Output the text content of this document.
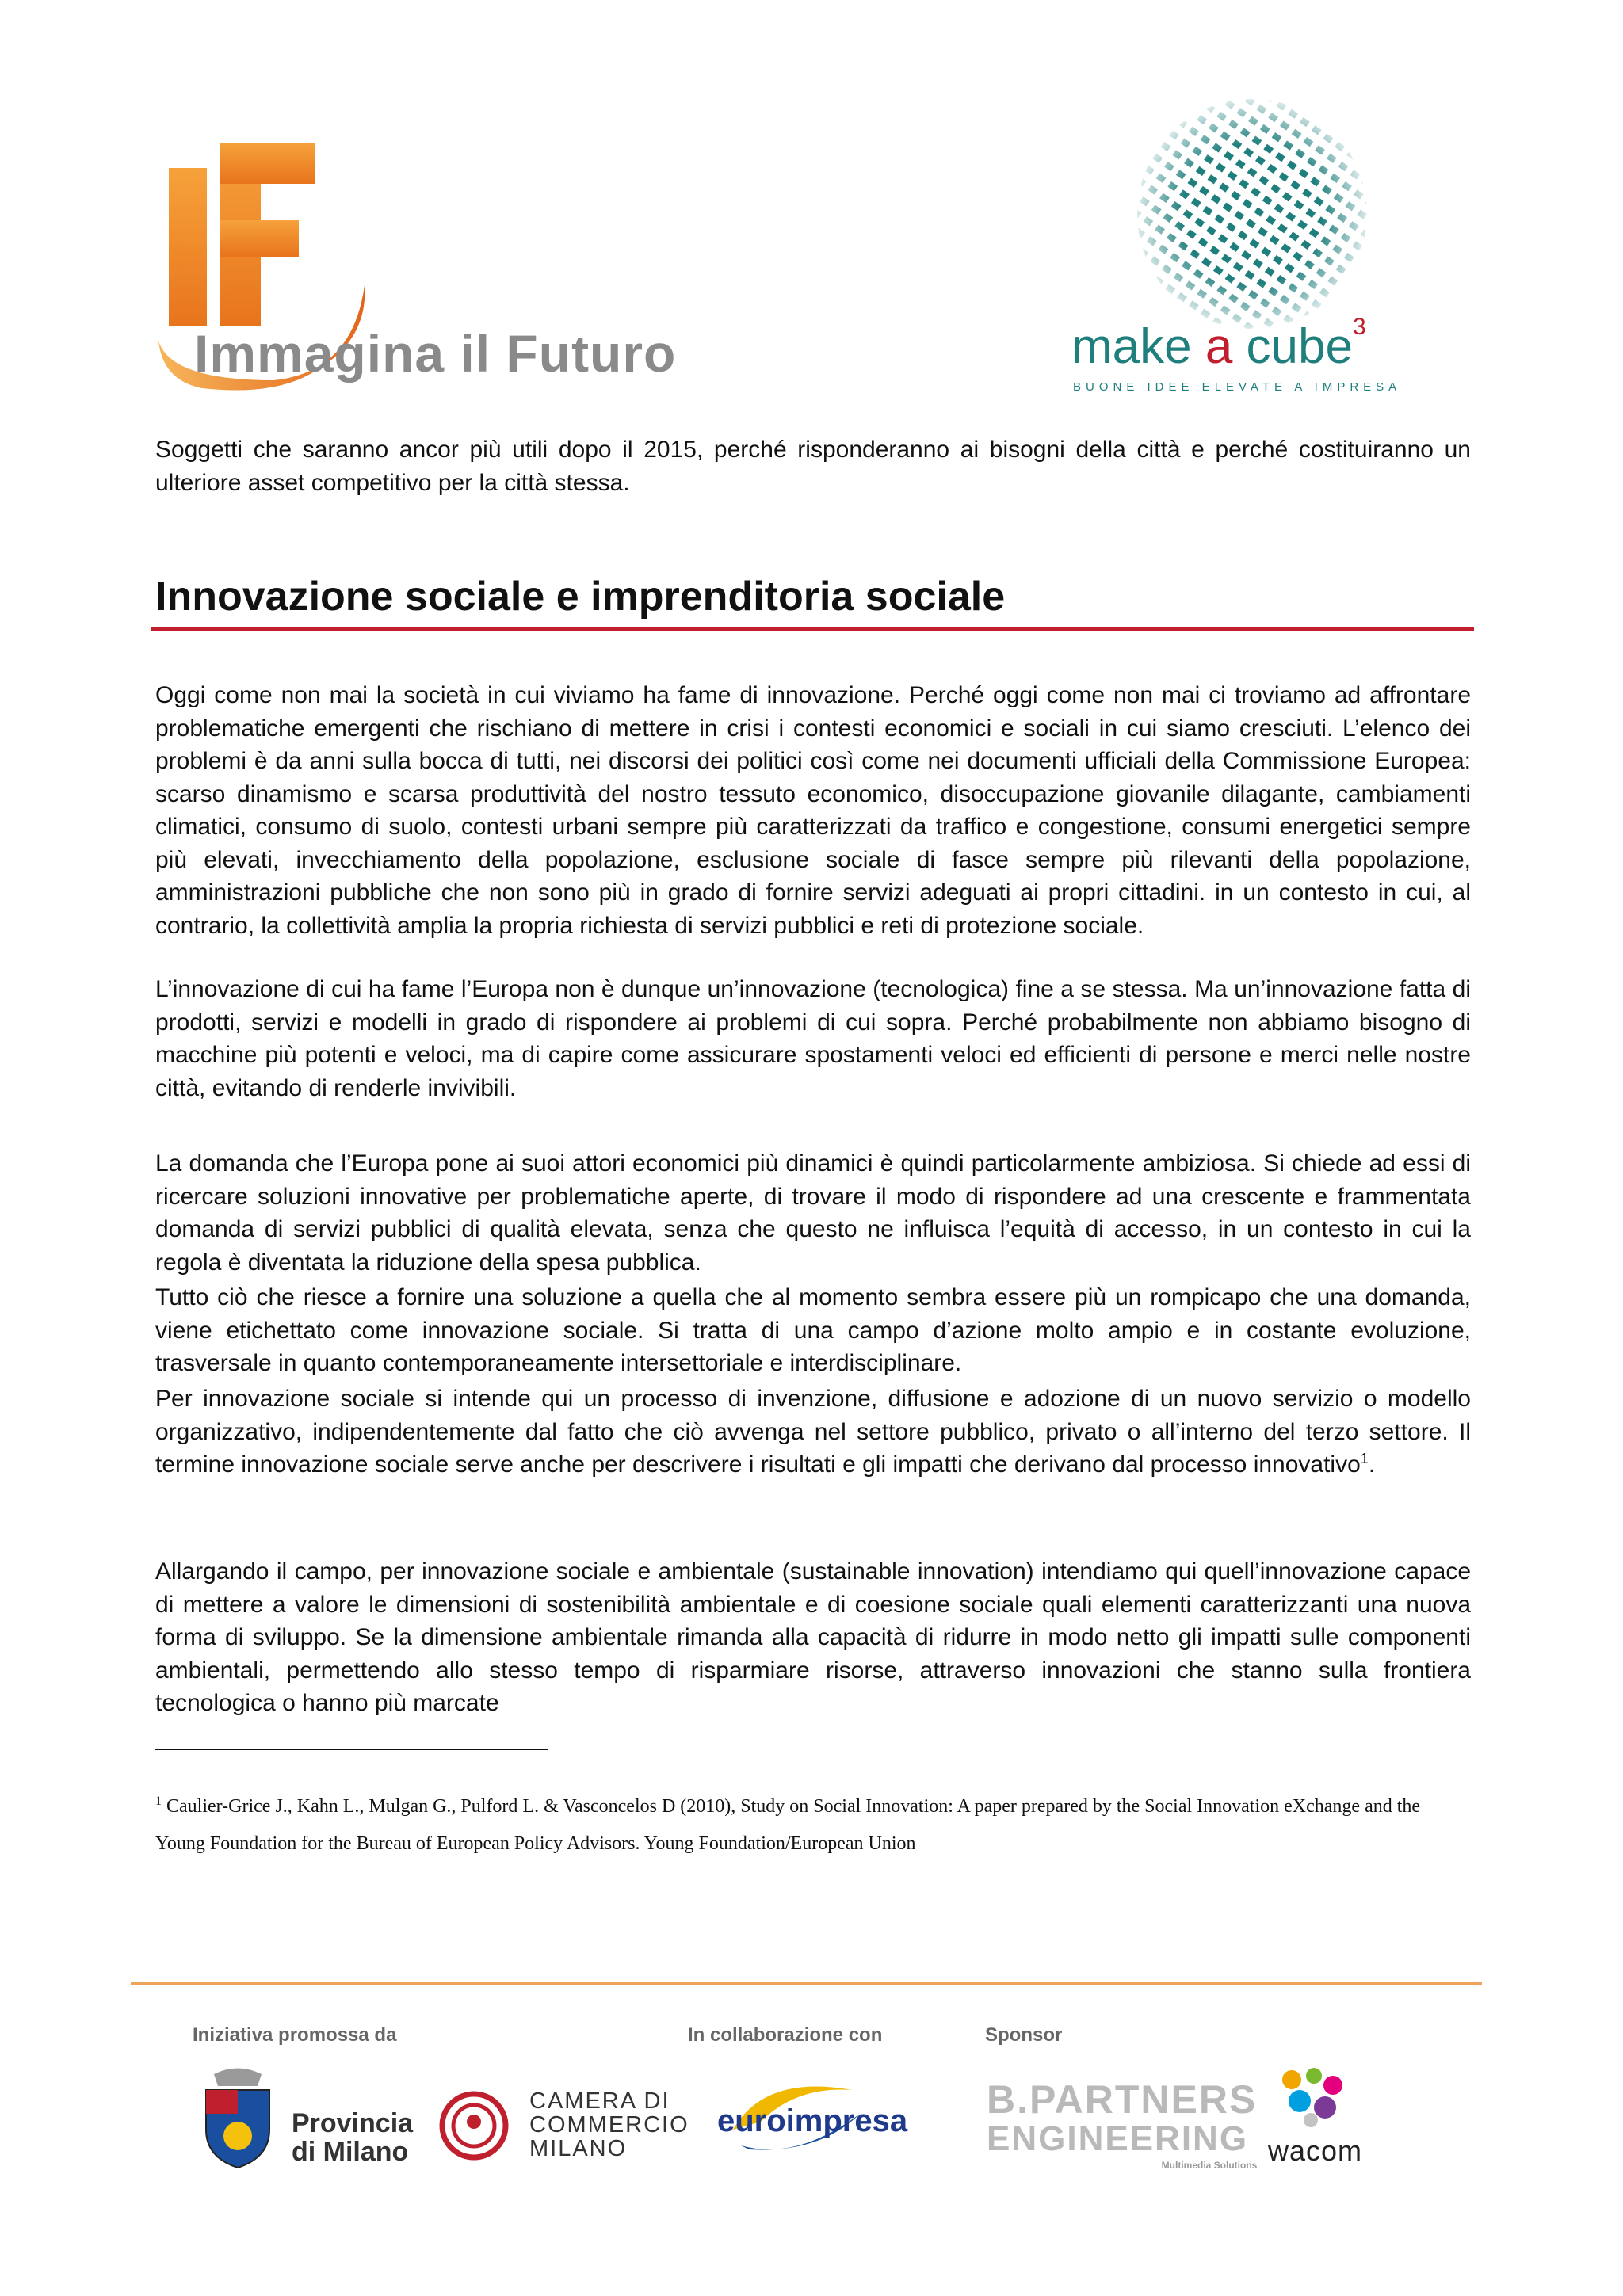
Immagina il Futuro	make a cube$^3$
BUONE IDEE ELEVATE A IMPRESA

Soggetti che saranno ancor più utili dopo il 2015, perché risponderanno ai bisogni della città e perché costituiranno un ulteriore asset competitivo per la città stessa.

Innovazione sociale e imprenditoria sociale

Oggi come non mai la società in cui viviamo ha fame di innovazione. Perché oggi come non mai ci troviamo ad affrontare problematiche emergenti che rischiano di mettere in crisi i contesti economici e sociali in cui siamo cresciuti. L’elenco dei problemi è da anni sulla bocca di tutti, nei discorsi dei politici così come nei documenti ufficiali della Commissione Europea: scarso dinamismo e scarsa produttività del nostro tessuto economico, disoccupazione giovanile dilagante, cambiamenti climatici, consumo di suolo, contesti urbani sempre più caratterizzati da traffico e congestione, consumi energetici sempre più elevati, invecchiamento della popolazione, esclusione sociale di fasce sempre più rilevanti della popolazione, amministrazioni pubbliche che non sono più in grado di fornire servizi adeguati ai propri cittadini. in un contesto in cui, al contrario, la collettività amplia la propria richiesta di servizi pubblici e reti di protezione sociale.

L’innovazione di cui ha fame l’Europa non è dunque un’innovazione (tecnologica) fine a se stessa. Ma un’innovazione fatta di prodotti, servizi e modelli in grado di rispondere ai problemi di cui sopra. Perché probabilmente non abbiamo bisogno di macchine più potenti e veloci, ma di capire come assicurare spostamenti veloci ed efficienti di persone e merci nelle nostre città, evitando di renderle invivibili.

La domanda che l’Europa pone ai suoi attori economici più dinamici è quindi particolarmente ambiziosa. Si chiede ad essi di ricercare soluzioni innovative per problematiche aperte, di trovare il modo di rispondere ad una crescente e frammentata domanda di servizi pubblici di qualità elevata, senza che questo ne influisca l’equità di accesso, in un contesto in cui la regola è diventata la riduzione della spesa pubblica.

Tutto ciò che riesce a fornire una soluzione a quella che al momento sembra essere più un rompicapo che una domanda, viene etichettato come innovazione sociale. Si tratta di una campo d’azione molto ampio e in costante evoluzione, trasversale in quanto contemporaneamente intersettoriale e interdisciplinare.

Per innovazione sociale si intende qui un processo di invenzione, diffusione e adozione di un nuovo servizio o modello organizzativo, indipendentemente dal fatto che ciò avvenga nel settore pubblico, privato o all’interno del terzo settore. Il termine innovazione sociale serve anche per descrivere i risultati e gli impatti che derivano dal processo innovativo$^1$.

Allargando il campo, per innovazione sociale e ambientale (sustainable innovation) intendiamo qui quell’innovazione capace di mettere a valore le dimensioni di sostenibilità ambientale e di coesione sociale quali elementi caratterizzanti una nuova forma di sviluppo. Se la dimensione ambientale rimanda alla capacità di ridurre in modo netto gli impatti sulle componenti ambientali, permettendo allo stesso tempo di risparmiare risorse, attraverso innovazioni che stanno sulla frontiera tecnologica o hanno più marcate

$^1$ Caulier-Grice J., Kahn L., Mulgan G., Pulford L. & Vasconcelos D (2010), Study on Social Innovation: A paper prepared by the Social Innovation eXchange and the Young Foundation for the Bureau of European Policy Advisors. Young Foundation/European Union

Iniziativa promossa da	In collaborazione con	Sponsor
Provincia
di Milano
CAMERA DI
COMMERCIO
MILANO
euroimpresa B.PARTNERS
ENGINEERING
Multimedia Solutions wacom
